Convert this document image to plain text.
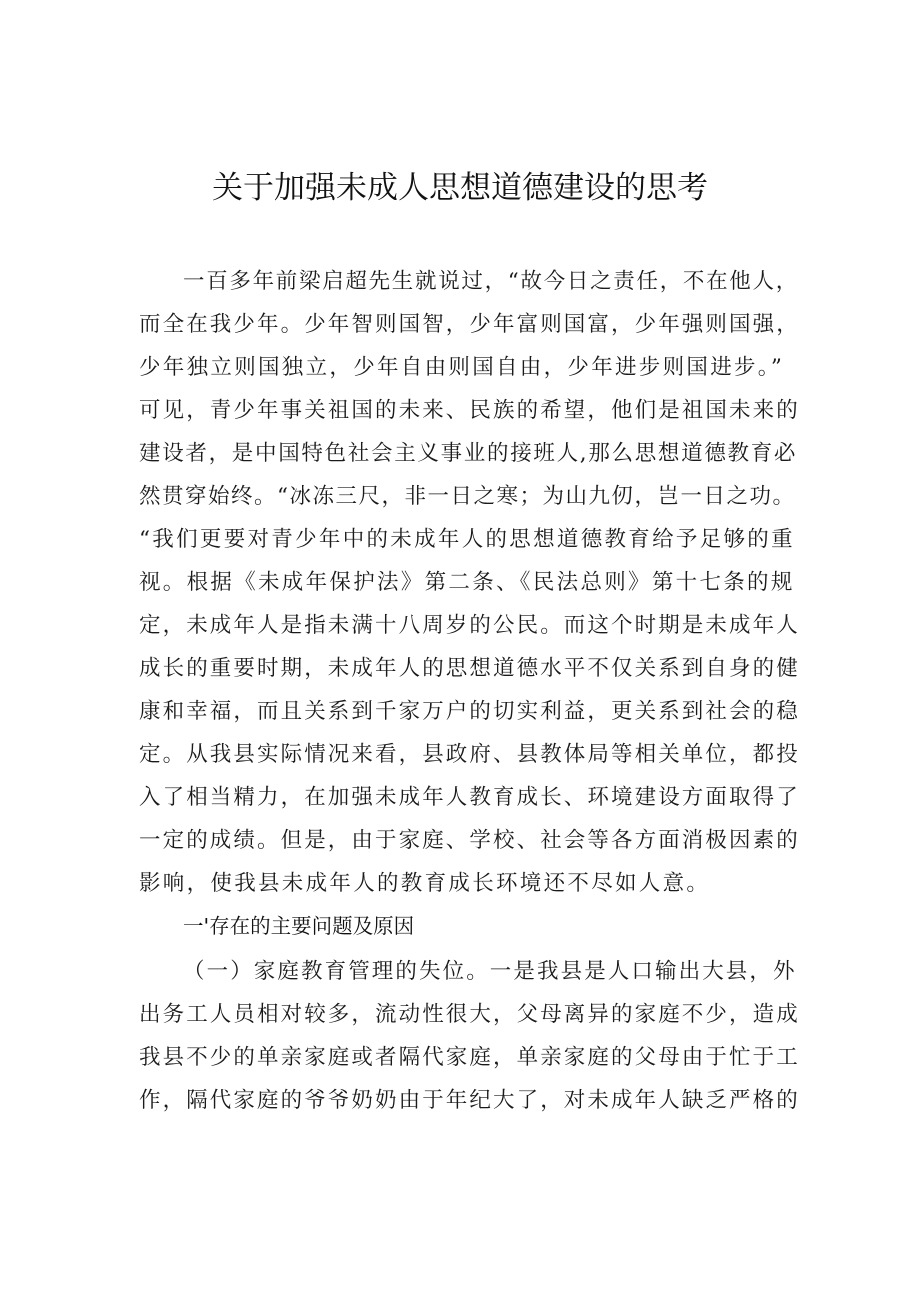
关于加强未成人思想道德建设的思考
一百多年前梁启超先生就说过，“故今日之责任，不在他人，
而全在我少年。少年智则国智，少年富则国富，少年强则国强，
少年独立则国独立，少年自由则国自由，少年进步则国进步。”
可见，青少年事关祖国的未来、民族的希望，他们是祖国未来的
建设者，是中国特色社会主义事业的接班人,那么思想道德教育必
然贯穿始终。“冰冻三尺，非一日之寒；为山九仞，岂一日之功。
“我们更要对青少年中的未成年人的思想道德教育给予足够的重
视。根据《未成年保护法》第二条、《民法总则》第十七条的规
定，未成年人是指未满十八周岁的公民。而这个时期是未成年人
成长的重要时期，未成年人的思想道德水平不仅关系到自身的健
康和幸福，而且关系到千家万户的切实利益，更关系到社会的稳
定。从我县实际情况来看，县政府、县教体局等相关单位，都投
入了相当精力，在加强未成年人教育成长、环境建设方面取得了
一定的成绩。但是，由于家庭、学校、社会等各方面消极因素的
影响，使我县未成年人的教育成长环境还不尽如人意。
一'存在的主要问题及原因
（一）家庭教育管理的失位。一是我县是人口输出大县，外
出务工人员相对较多，流动性很大，父母离异的家庭不少，造成
我县不少的单亲家庭或者隔代家庭，单亲家庭的父母由于忙于工
作，隔代家庭的爷爷奶奶由于年纪大了，对未成年人缺乏严格的
